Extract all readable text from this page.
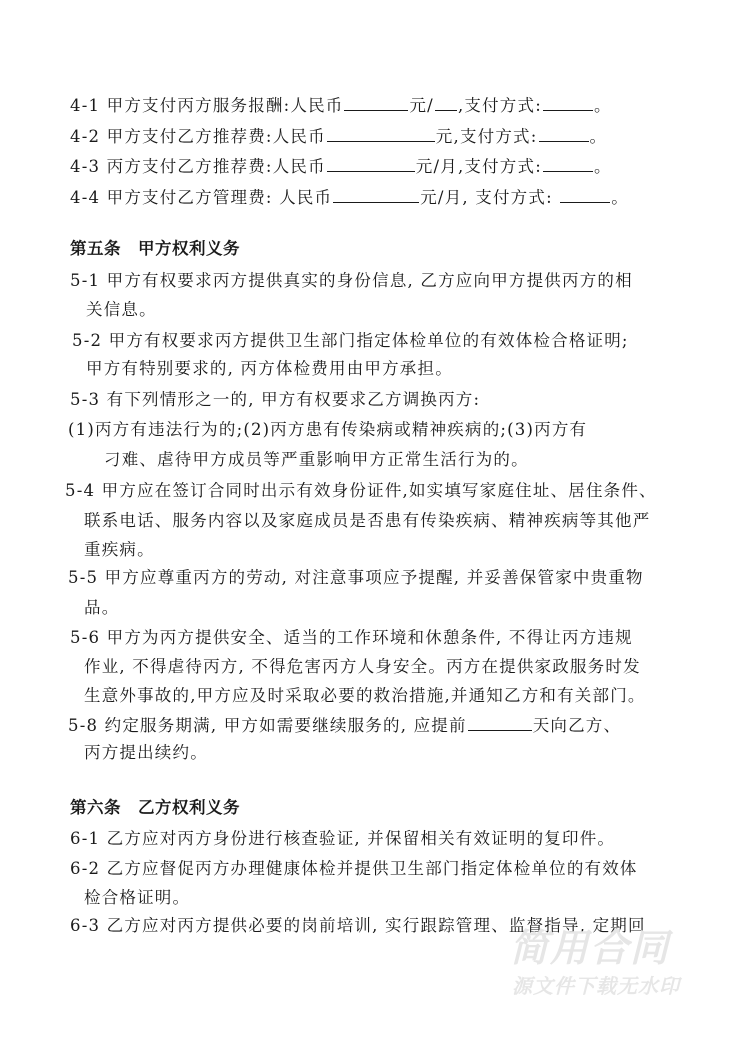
4-1 甲方支付丙方服务报酬:人民币	元/ ,支付方式:	。
4-2 甲方支付乙方推荐费:人民币	元,支付方式:	。
4-3 丙方支付乙方推荐费:人民币	元/月,支付方式:	。
4-4 甲方支付乙方管理费: 人民币	元/月, 支付方式:	。
第五条　甲方权利义务
5-1 甲方有权要求丙方提供真实的身份信息, 乙方应向甲方提供丙方的相
关信息。
5-2 甲方有权要求丙方提供卫生部门指定体检单位的有效体检合格证明;
甲方有特别要求的, 丙方体检费用由甲方承担。
5-3 有下列情形之一的, 甲方有权要求乙方调换丙方:
(1)丙方有违法行为的;(2)丙方患有传染病或精神疾病的;(3)丙方有
刁难、虐待甲方成员等严重影响甲方正常生活行为的。
5-4 甲方应在签订合同时出示有效身份证件,如实填写家庭住址、居住条件、
联系电话、服务内容以及家庭成员是否患有传染疾病、精神疾病等其他严
重疾病。
5-5 甲方应尊重丙方的劳动, 对注意事项应予提醒, 并妥善保管家中贵重物
品。
5-6 甲方为丙方提供安全、适当的工作环境和休憩条件, 不得让丙方违规
作业, 不得虐待丙方, 不得危害丙方人身安全。丙方在提供家政服务时发
生意外事故的,甲方应及时采取必要的救治措施,并通知乙方和有关部门。
5-8 约定服务期满, 甲方如需要继续服务的, 应提前	天向乙方、
丙方提出续约。
第六条　乙方权利义务
6-1 乙方应对丙方身份进行核查验证, 并保留相关有效证明的复印件。
6-2 乙方应督促丙方办理健康体检并提供卫生部门指定体检单位的有效体
检合格证明。
6-3 乙方应对丙方提供必要的岗前培训, 实行跟踪管理、监督指导, 定期回
简用合同
源文件下载无水印
